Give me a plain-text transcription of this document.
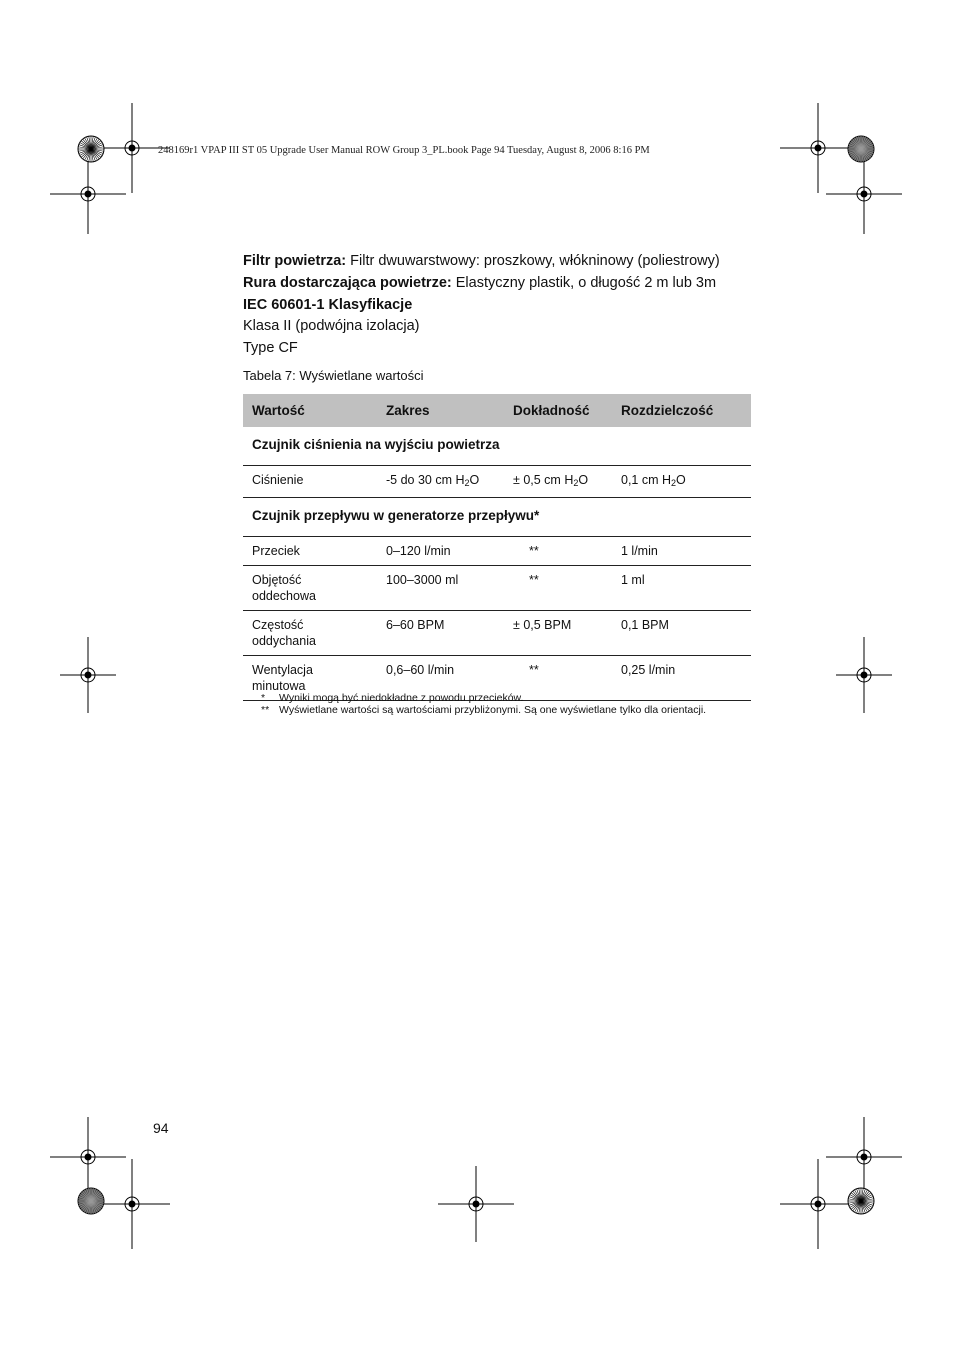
248169r1 VPAP III ST 05 Upgrade User Manual ROW Group 3_PL.book Page 94 Tuesday, August 8, 2006 8:16 PM
Filtr powietrza: Filtr dwuwarstwowy: proszkowy, włókninowy (poliestrowy)
Rura dostarczająca powietrze: Elastyczny plastik, o długość 2 m lub 3m
IEC 60601-1 Klasyfikacje
Klasa II (podwójna izolacja)
Type CF
Tabela 7: Wyświetlane wartości
Wartość	Zakres	Dokładność	Rozdzielczość
Czujnik ciśnienia na wyjściu powietrza			
Ciśnienie	-5 do 30 cm $H_2O$	± 0,5 cm $H_2O$	0,1 cm $H_2O$
Czujnik przepływu w generatorze przepływu*			
Przeciek	0–120 l/min	**	1 l/min

Objętość oddechowa	100–3000 ml	**	1 ml

Częstość oddychania	6–60 BPM	± 0,5 BPM	0,1 BPM

Wentylacja minutowa	0,6–60 l/min	**	0,25 l/min
*	Wyniki mogą być niedokładne z powodu przecieków.
** Wyświetlane wartości są wartościami przybliżonymi. Są one wyświetlane tylko dla orientacji.
94
